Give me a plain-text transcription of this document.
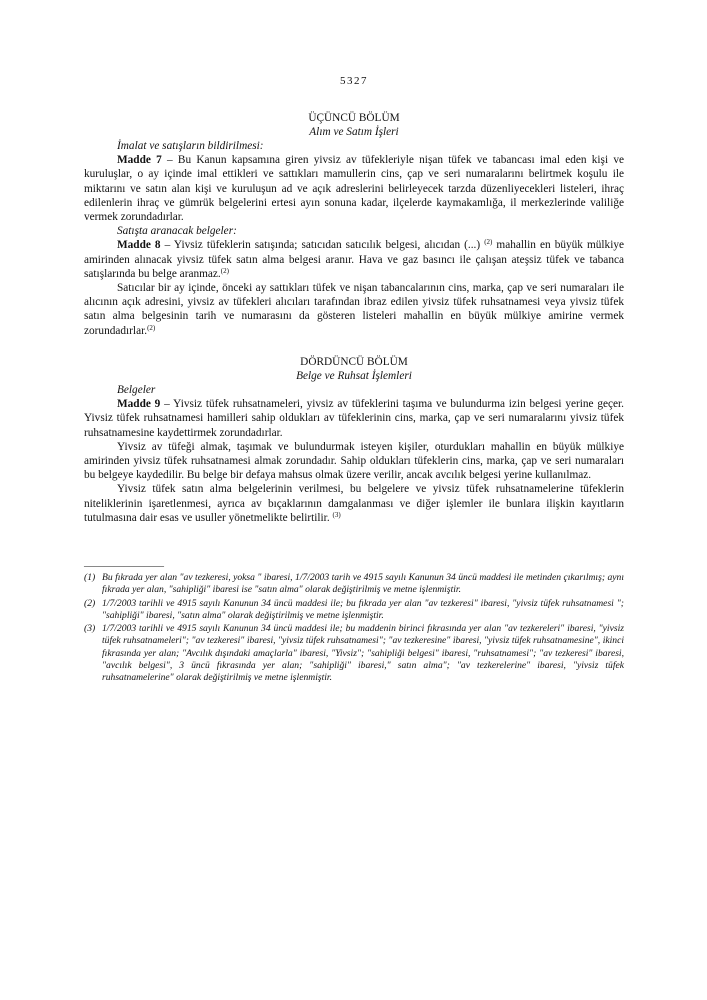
5327
ÜÇÜNCÜ BÖLÜM
Alım ve Satım İşleri
İmalat ve satışların bildirilmesi:

Madde 7 – Bu Kanun kapsamına giren yivsiz av tüfekleriyle nişan tüfek ve tabancası imal eden kişi ve kuruluşlar, o ay içinde imal ettikleri ve sattıkları mamullerin cins, çap ve seri numaralarını belirtmek koşulu ile miktarını ve satın alan kişi ve kuruluşun ad ve açık adreslerini belirleyecek tarzda düzenliyecekleri listeleri, ihraç edilenlerin ihraç ve gümrük belgelerini ertesi ayın sonuna kadar, ilçelerde kaymakamlığa, il merkezlerinde valiliğe vermek zorundadırlar.

Satışta aranacak belgeler:

Madde 8 – Yivsiz tüfeklerin satışında; satıcıdan satıcılık belgesi, alıcıdan (...) $^{(2)}$ mahallin en büyük mülkiye amirinden alınacak yivsiz tüfek satın alma belgesi aranır. Hava ve gaz basıncı ile çalışan ateşsiz tüfek ve tabanca satışlarında bu belge aranmaz.$^{(2)}$

Satıcılar bir ay içinde, önceki ay sattıkları tüfek ve nişan tabancalarının cins, marka, çap ve seri numaraları ile alıcının açık adresini, yivsiz av tüfekleri alıcıları tarafından ibraz edilen yivsiz tüfek ruhsatnamesi veya yivsiz tüfek satın alma belgesinin tarih ve numarasını da gösteren listeleri mahallin en büyük mülkiye amirine vermek zorundadırlar.$^{(2)}$

DÖRDÜNCÜ BÖLÜM
Belge ve Ruhsat İşlemleri
Belgeler

Madde 9 – Yivsiz tüfek ruhsatnameleri, yivsiz av tüfeklerini taşıma ve bulundurma izin belgesi yerine geçer. Yivsiz tüfek ruhsatnamesi hamilleri sahip oldukları av tüfeklerinin cins, marka, çap ve seri numaralarını yivsiz tüfek ruhsatnamesine kaydettirmek zorundadırlar.

Yivsiz av tüfeği almak, taşımak ve bulundurmak isteyen kişiler, oturdukları mahallin en büyük mülkiye amirinden yivsiz tüfek ruhsatnamesi almak zorundadır. Sahip oldukları tüfeklerin cins, marka, çap ve seri numaraları bu belgeye kaydedilir. Bu belge bir defaya mahsus olmak üzere verilir, ancak avcılık belgesi yerine kullanılmaz.

Yivsiz tüfek satın alma belgelerinin verilmesi, bu belgelere ve yivsiz tüfek ruhsatnamelerine tüfeklerin niteliklerinin işaretlenmesi, ayrıca av bıçaklarının damgalanması ve diğer işlemler ile bunlara ilişkin kayıtların tutulmasına dair esas ve usuller yönetmelikte belirtilir. $^{(3)}$

________________
(1) Bu fıkrada yer alan "av tezkeresi, yoksa " ibaresi, 1/7/2003 tarih ve 4915 sayılı Kanunun 34 üncü maddesi ile metinden çıkarılmış; aynı fıkrada yer alan, "sahipliği" ibaresi ise "satın alma" olarak değiştirilmiş ve metne işlenmiştir.
(2) 1/7/2003 tarihli ve 4915 sayılı Kanunun 34 üncü maddesi ile; bu fıkrada yer alan "av tezkeresi" ibaresi, "yivsiz tüfek ruhsatnamesi "; "sahipliği" ibaresi, "satın alma" olarak değiştirilmiş ve metne işlenmiştir.
(3) 1/7/2003 tarihli ve 4915 sayılı Kanunun 34 üncü maddesi ile; bu maddenin birinci fıkrasında yer alan "av tezkereleri" ibaresi, "yivsiz tüfek ruhsatnameleri"; "av tezkeresi" ibaresi, "yivsiz tüfek ruhsatnamesi"; "av tezkeresine" ibaresi, "yivsiz tüfek ruhsatnamesine", ikinci fıkrasında yer alan; "Avcılık dışındaki amaçlarla" ibaresi, "Yivsiz"; "sahipliği belgesi" ibaresi, "ruhsatnamesi"; "av tezkeresi" ibaresi, "avcılık belgesi", 3 üncü fıkrasında yer alan; "sahipliği" ibaresi," satın alma"; "av tezkerelerine" ibaresi, "yivsiz tüfek ruhsatnamelerine" olarak değiştirilmiş ve metne işlenmiştir.
